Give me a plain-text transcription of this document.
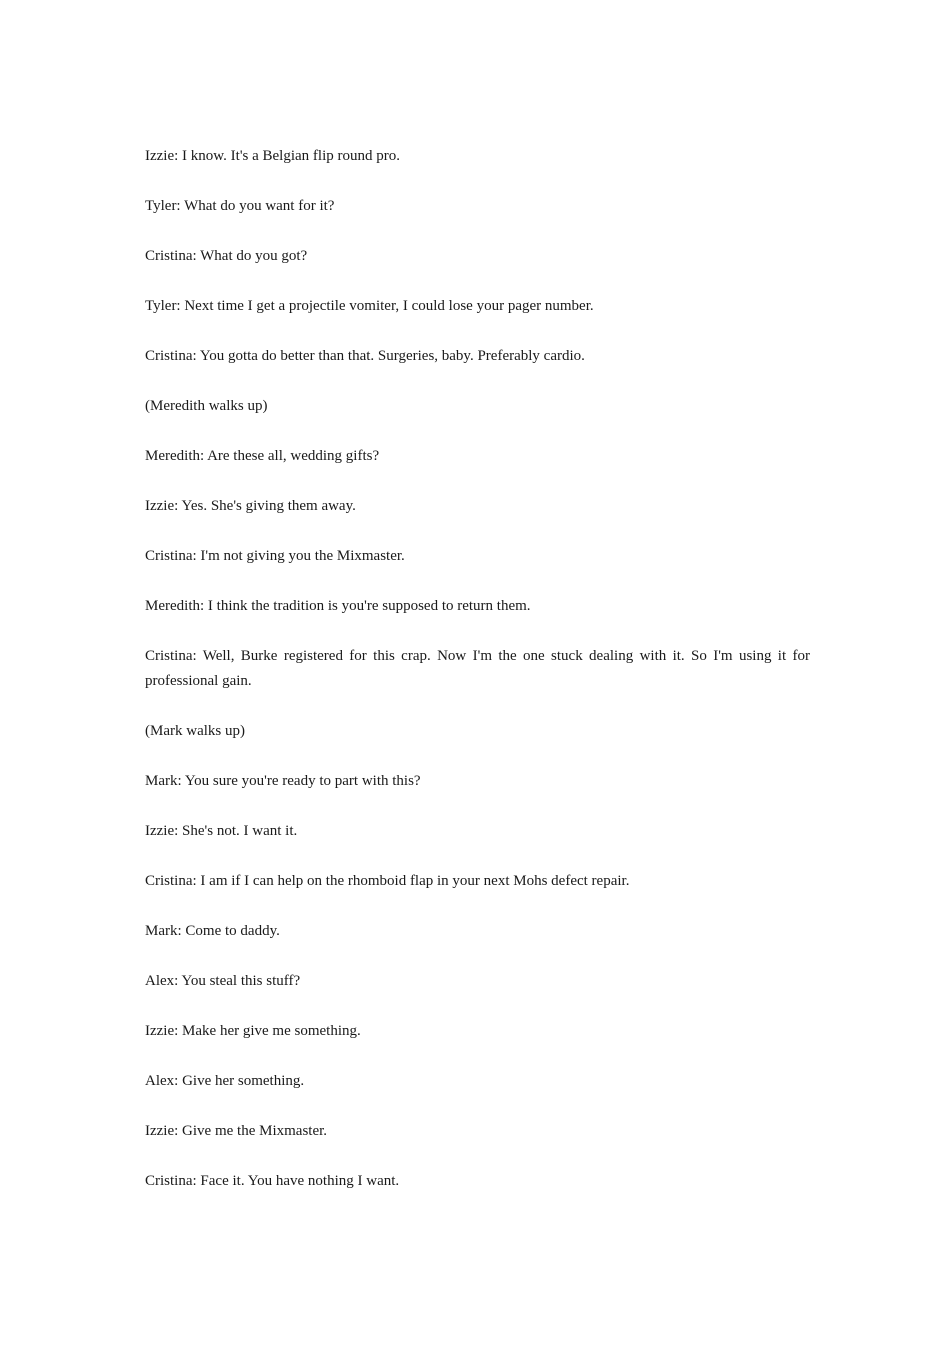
Izzie: I know. It's a Belgian flip round pro.

Tyler: What do you want for it?

Cristina: What do you got?

Tyler: Next time I get a projectile vomiter, I could lose your pager number.

Cristina: You gotta do better than that. Surgeries, baby. Preferably cardio.

(Meredith walks up)

Meredith: Are these all, wedding gifts?

Izzie: Yes. She's giving them away.

Cristina: I'm not giving you the Mixmaster.

Meredith: I think the tradition is you're supposed to return them.

Cristina: Well, Burke registered for this crap. Now I'm the one stuck dealing with it. So I'm using it for professional gain.

(Mark walks up)

Mark: You sure you're ready to part with this?

Izzie: She's not. I want it.

Cristina: I am if I can help on the rhomboid flap in your next Mohs defect repair.

Mark: Come to daddy.

Alex: You steal this stuff?

Izzie: Make her give me something.

Alex: Give her something.

Izzie: Give me the Mixmaster.

Cristina: Face it. You have nothing I want.
